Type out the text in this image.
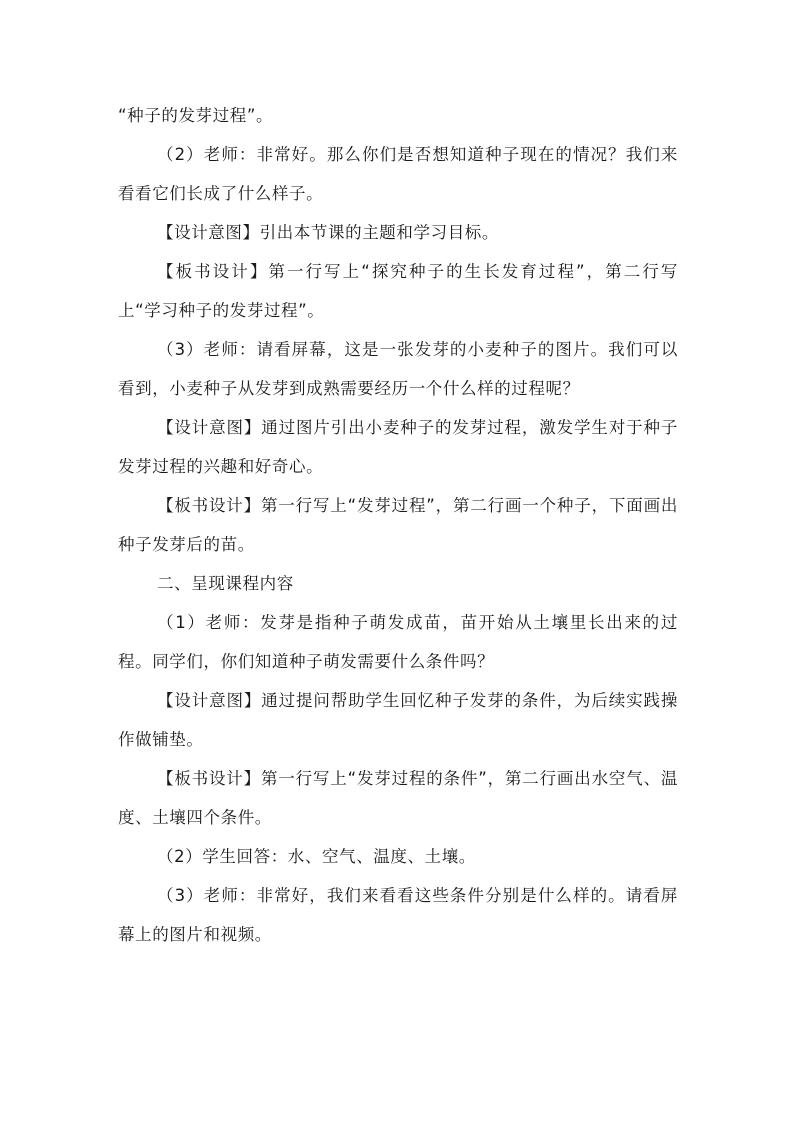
“种子的发芽过程”。

（2）老师：非常好。那么你们是否想知道种子现在的情况？我们来看看它们长成了什么样子。

【设计意图】引出本节课的主题和学习目标。

【板书设计】第一行写上“探究种子的生长发育过程”，第二行写上“学习种子的发芽过程”。

（3）老师：请看屏幕，这是一张发芽的小麦种子的图片。我们可以看到，小麦种子从发芽到成熟需要经历一个什么样的过程呢？

【设计意图】通过图片引出小麦种子的发芽过程，激发学生对于种子发芽过程的兴趣和好奇心。

【板书设计】第一行写上“发芽过程”，第二行画一个种子，下面画出种子发芽后的苗。

二、呈现课程内容

（1）老师：发芽是指种子萌发成苗，苗开始从土壤里长出来的过程。同学们，你们知道种子萌发需要什么条件吗？

【设计意图】通过提问帮助学生回忆种子发芽的条件，为后续实践操作做铺垫。

【板书设计】第一行写上“发芽过程的条件”，第二行画出水空气、温度、土壤四个条件。

（2）学生回答：水、空气、温度、土壤。

（3）老师：非常好，我们来看看这些条件分别是什么样的。请看屏幕上的图片和视频。
